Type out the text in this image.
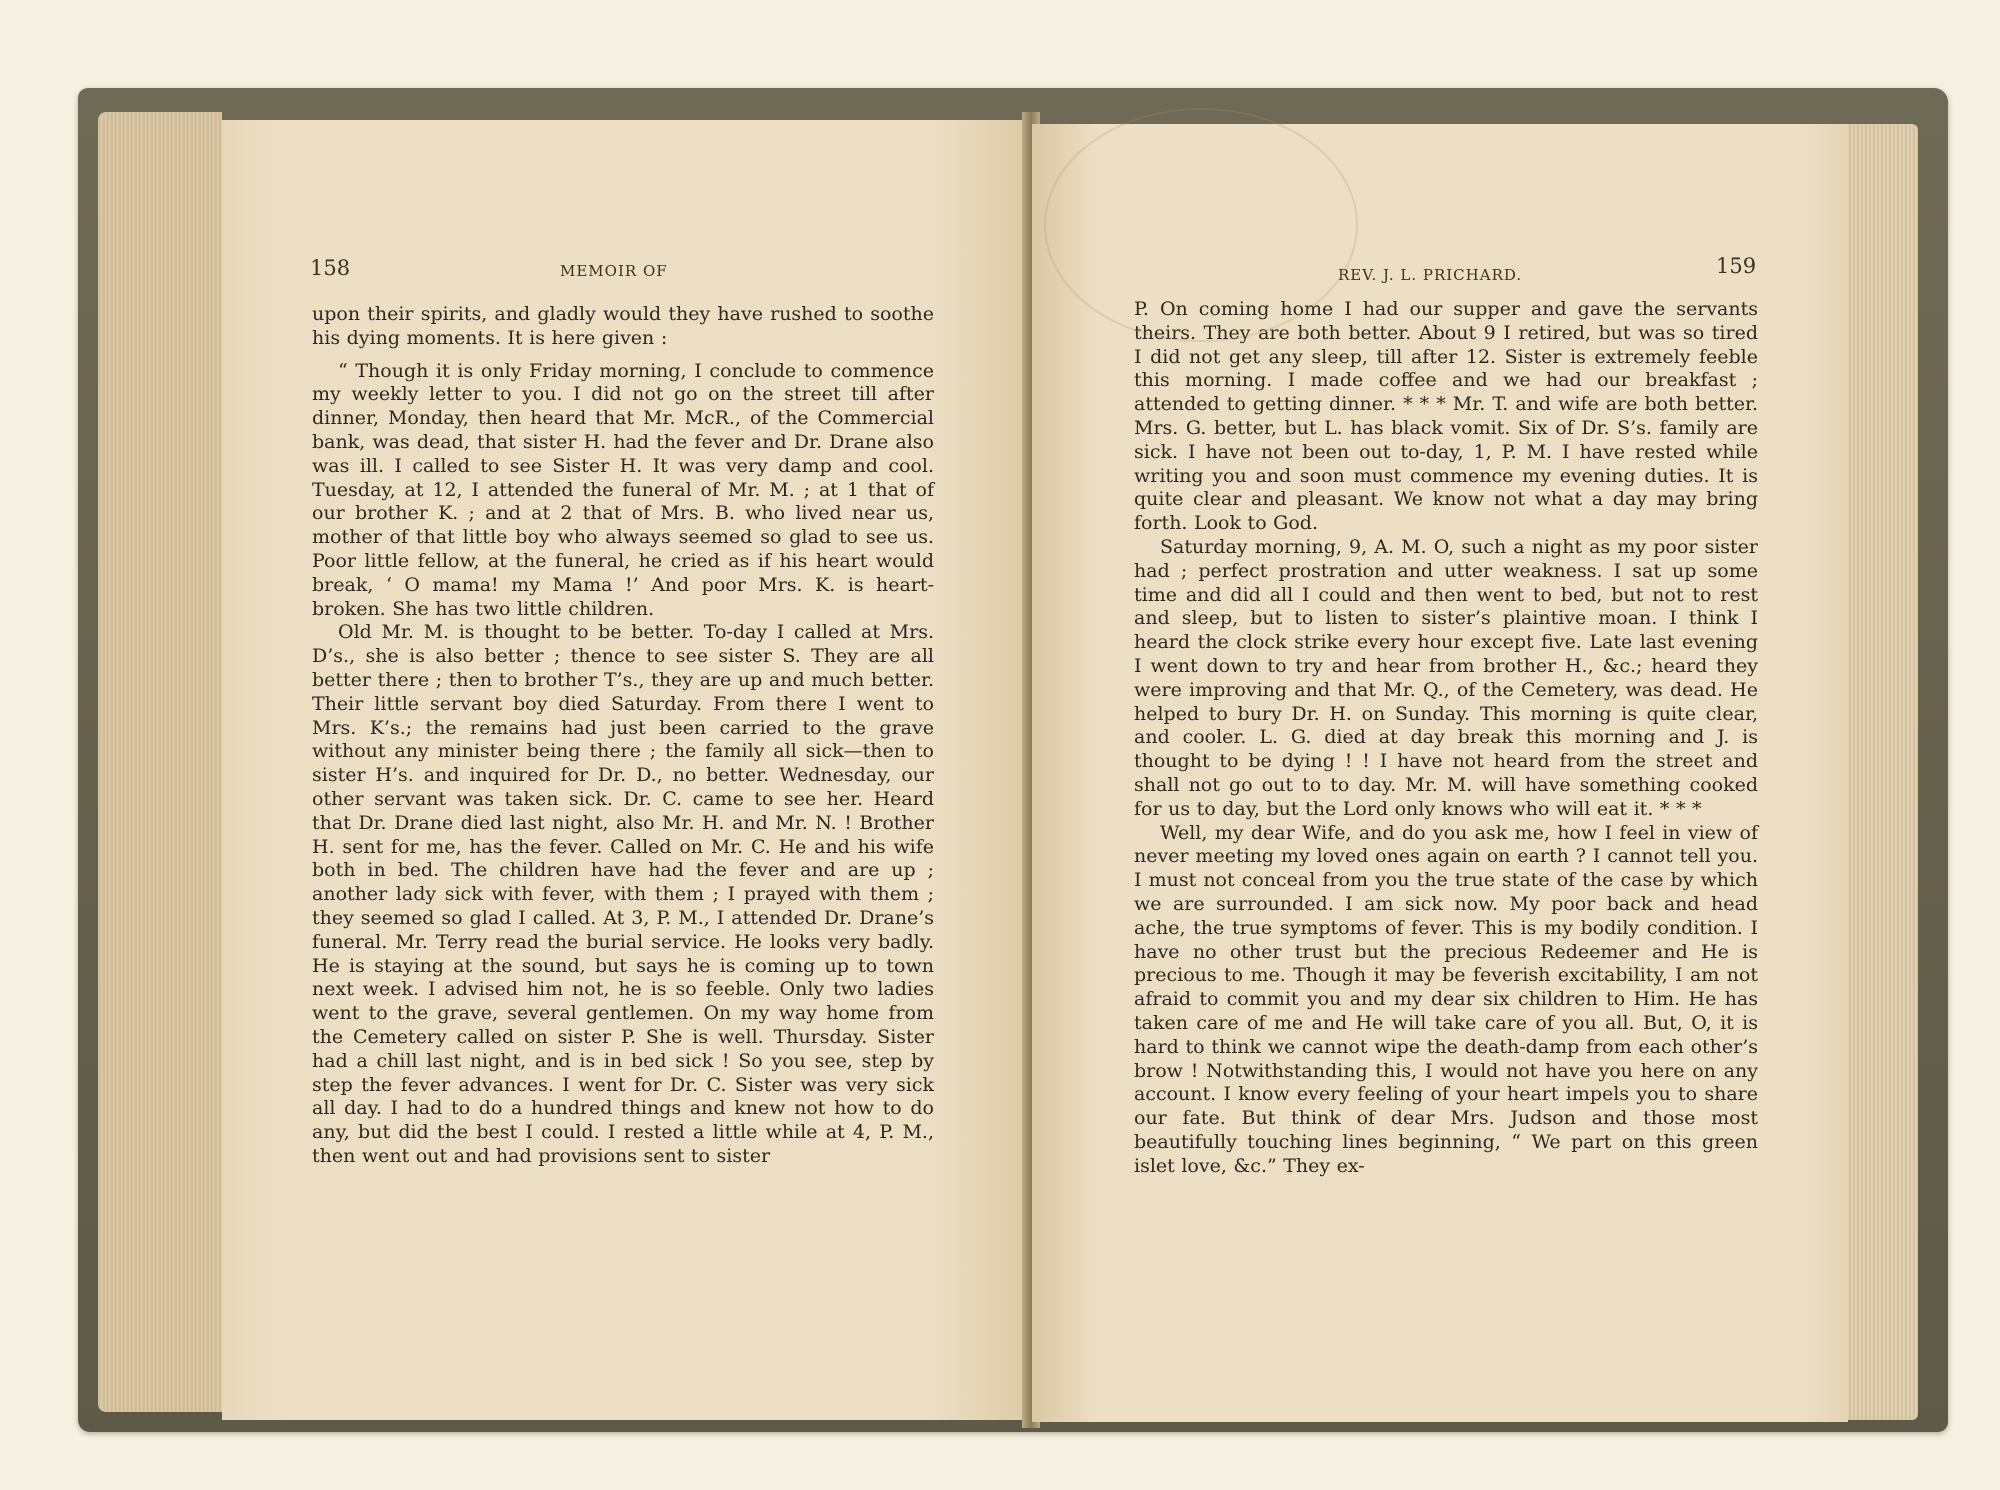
158	MEMOIR OF

upon their spirits, and gladly would they have rushed to soothe his dying moments. It is here given :

“ Though it is only Friday morning, I conclude to commence my weekly letter to you. I did not go on the street till after dinner, Monday, then heard that Mr. McR., of the Commercial bank, was dead, that sister H. had the fever and Dr. Drane also was ill. I called to see Sister H. It was very damp and cool. Tuesday, at 12, I attended the funeral of Mr. M. ; at 1 that of our brother K. ; and at 2 that of Mrs. B. who lived near us, mother of that little boy who always seemed so glad to see us. Poor little fellow, at the funeral, he cried as if his heart would break, ‘ O mama! my Mama !’ And poor Mrs. K. is heart-broken. She has two little children.

Old Mr. M. is thought to be better. To-day I called at Mrs. D’s., she is also better ; thence to see sister S. They are all better there ; then to brother T’s., they are up and much better. Their little servant boy died Saturday. From there I went to Mrs. K’s.; the remains had just been carried to the grave without any minister being there ; the family all sick—then to sister H’s. and inquired for Dr. D., no better. Wednesday, our other servant was taken sick. Dr. C. came to see her. Heard that Dr. Drane died last night, also Mr. H. and Mr. N. ! Brother H. sent for me, has the fever. Called on Mr. C. He and his wife both in bed. The children have had the fever and are up ; another lady sick with fever, with them ; I prayed with them ; they seemed so glad I called. At 3, P. M., I attended Dr. Drane’s funeral. Mr. Terry read the burial service. He looks very badly. He is staying at the sound, but says he is coming up to town next week. I advised him not, he is so feeble. Only two ladies went to the grave, several gentlemen. On my way home from the Cemetery called on sister P. She is well. Thursday. Sister had a chill last night, and is in bed sick ! So you see, step by step the fever advances. I went for Dr. C. Sister was very sick all day. I had to do a hundred things and knew not how to do any, but did the best I could. I rested a little while at 4, P. M., then went out and had provisions sent to sister

REV. J. L. PRICHARD.	159

P. On coming home I had our supper and gave the servants theirs. They are both better. About 9 I retired, but was so tired I did not get any sleep, till after 12. Sister is extremely feeble this morning. I made coffee and we had our breakfast ; attended to getting dinner. * * * Mr. T. and wife are both better. Mrs. G. better, but L. has black vomit. Six of Dr. S’s. family are sick. I have not been out to-day, 1, P. M. I have rested while writing you and soon must commence my evening duties. It is quite clear and pleasant. We know not what a day may bring forth. Look to God.

Saturday morning, 9, A. M. O, such a night as my poor sister had ; perfect prostration and utter weakness. I sat up some time and did all I could and then went to bed, but not to rest and sleep, but to listen to sister’s plaintive moan. I think I heard the clock strike every hour except five. Late last evening I went down to try and hear from brother H., &c.; heard they were improving and that Mr. Q., of the Cemetery, was dead. He helped to bury Dr. H. on Sunday. This morning is quite clear, and cooler. L. G. died at day break this morning and J. is thought to be dying ! ! I have not heard from the street and shall not go out to to day. Mr. M. will have something cooked for us to day, but the Lord only knows who will eat it. * * *

Well, my dear Wife, and do you ask me, how I feel in view of never meeting my loved ones again on earth ? I cannot tell you. I must not conceal from you the true state of the case by which we are surrounded. I am sick now. My poor back and head ache, the true symptoms of fever. This is my bodily condition. I have no other trust but the precious Redeemer and He is precious to me. Though it may be feverish excitability, I am not afraid to commit you and my dear six children to Him. He has taken care of me and He will take care of you all. But, O, it is hard to think we cannot wipe the death-damp from each other’s brow ! Notwithstanding this, I would not have you here on any account. I know every feeling of your heart impels you to share our fate. But think of dear Mrs. Judson and those most beautifully touching lines beginning, “ We part on this green islet love, &c.” They ex-
